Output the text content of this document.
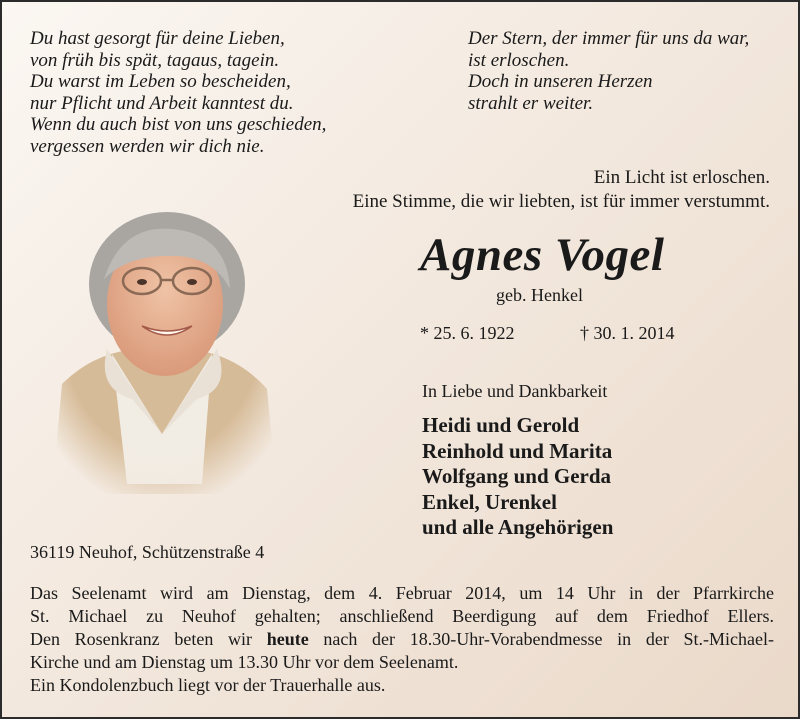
Du hast gesorgt für deine Lieben,
von früh bis spät, tagaus, tagein.
Du warst im Leben so bescheiden,
nur Pflicht und Arbeit kanntest du.
Wenn du auch bist von uns geschieden,
vergessen werden wir dich nie.
Der Stern, der immer für uns da war,
ist erloschen.
Doch in unseren Herzen
strahlt er weiter.
Ein Licht ist erloschen.
Eine Stimme, die wir liebten, ist für immer verstummt.
Agnes Vogel
geb. Henkel
* 25. 6. 1922	† 30. 1. 2014
In Liebe und Dankbarkeit
Heidi und Gerold
Reinhold und Marita
Wolfgang und Gerda
Enkel, Urenkel
und alle Angehörigen
36119 Neuhof, Schützenstraße 4
Das Seelenamt wird am Dienstag, dem 4. Februar 2014, um 14 Uhr in der Pfarrkirche
St. Michael zu Neuhof gehalten; anschließend Beerdigung auf dem Friedhof Ellers.
Den Rosenkranz beten wir heute nach der 18.30-Uhr-Vorabendmesse in der St.-Michael-
Kirche und am Dienstag um 13.30 Uhr vor dem Seelenamt.
Ein Kondolenzbuch liegt vor der Trauerhalle aus.
